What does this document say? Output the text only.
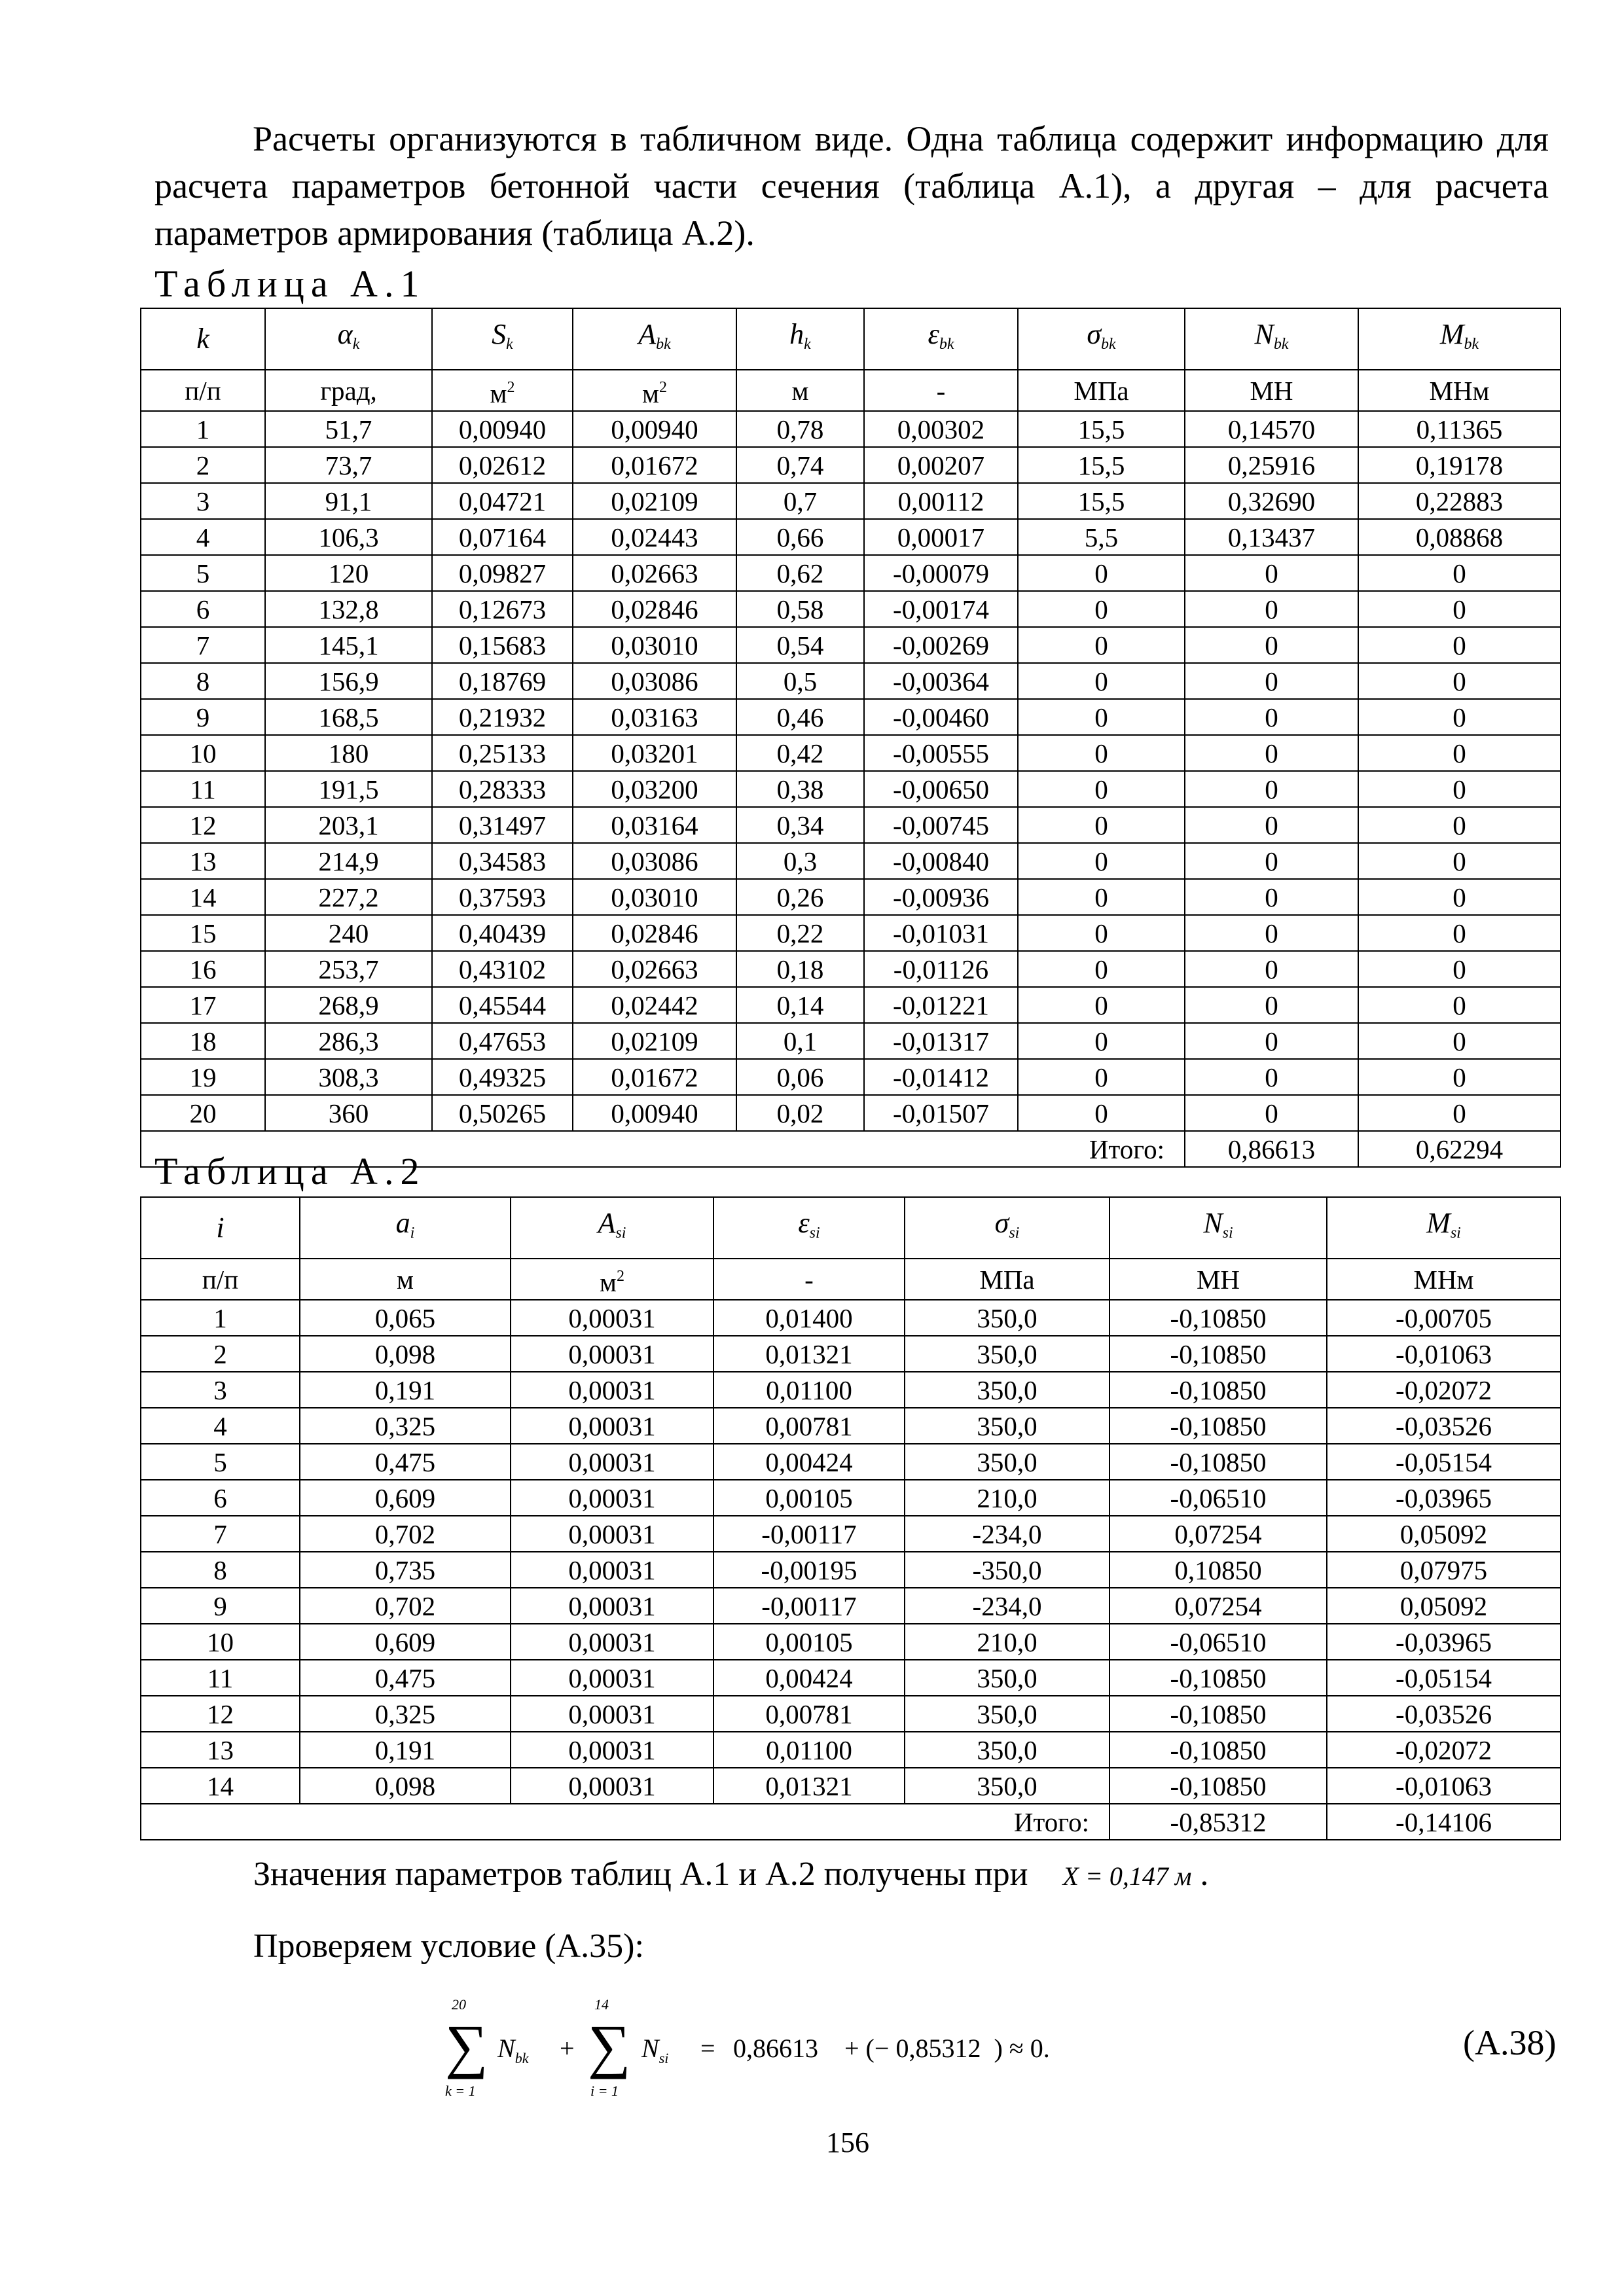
Расчеты организуются в табличном виде. Одна таблица содержит информацию для расчета параметров бетонной части сечения (таблица А.1), а другая – для расчета параметров армирования (таблица А.2).

Таблица А.1
k	$\alpha_k$	$S_k$	$A_{bk}$	$h_k$	$\varepsilon_{bk}$	$\sigma_{bk}$	$N_{bk}$	$M_{bk}$
п/п	град,	$м^2$	$м^2$	м	-	МПа	МН	МНм
1	51,7	0,00940	0,00940	0,78	0,00302	15,5	0,14570	0,11365
2	73,7	0,02612	0,01672	0,74	0,00207	15,5	0,25916	0,19178
3	91,1	0,04721	0,02109	0,7	0,00112	15,5	0,32690	0,22883
4	106,3	0,07164	0,02443	0,66	0,00017	5,5	0,13437	0,08868
5	120	0,09827	0,02663	0,62	-0,00079	0	0	0
6	132,8	0,12673	0,02846	0,58	-0,00174	0	0	0
7	145,1	0,15683	0,03010	0,54	-0,00269	0	0	0
8	156,9	0,18769	0,03086	0,5	-0,00364	0	0	0
9	168,5	0,21932	0,03163	0,46	-0,00460	0	0	0
10	180	0,25133	0,03201	0,42	-0,00555	0	0	0
11	191,5	0,28333	0,03200	0,38	-0,00650	0	0	0
12	203,1	0,31497	0,03164	0,34	-0,00745	0	0	0
13	214,9	0,34583	0,03086	0,3	-0,00840	0	0	0
14	227,2	0,37593	0,03010	0,26	-0,00936	0	0	0
15	240	0,40439	0,02846	0,22	-0,01031	0	0	0
16	253,7	0,43102	0,02663	0,18	-0,01126	0	0	0
17	268,9	0,45544	0,02442	0,14	-0,01221	0	0	0
18	286,3	0,47653	0,02109	0,1	-0,01317	0	0	0
19	308,3	0,49325	0,01672	0,06	-0,01412	0	0	0
20	360	0,50265	0,00940	0,02	-0,01507	0	0	0
Итого:							0,86613	0,62294
Таблица А.2
i	$a_i$	$A_{si}$	$\varepsilon_{si}$	$\sigma_{si}$	$N_{si}$	$M_{si}$
п/п	м	$м^2$	-	МПа	МН	МНм
1	0,065	0,00031	0,01400	350,0	-0,10850	-0,00705
2	0,098	0,00031	0,01321	350,0	-0,10850	-0,01063
3	0,191	0,00031	0,01100	350,0	-0,10850	-0,02072
4	0,325	0,00031	0,00781	350,0	-0,10850	-0,03526
5	0,475	0,00031	0,00424	350,0	-0,10850	-0,05154
6	0,609	0,00031	0,00105	210,0	-0,06510	-0,03965
7	0,702	0,00031	-0,00117	-234,0	0,07254	0,05092
8	0,735	0,00031	-0,00195	-350,0	0,10850	0,07975
9	0,702	0,00031	-0,00117	-234,0	0,07254	0,05092
10	0,609	0,00031	0,00105	210,0	-0,06510	-0,03965
11	0,475	0,00031	0,00424	350,0	-0,10850	-0,05154
12	0,325	0,00031	0,00781	350,0	-0,10850	-0,03526
13	0,191	0,00031	0,01100	350,0	-0,10850	-0,02072
14	0,098	0,00031	0,01321	350,0	-0,10850	-0,01063
Итого:					-0,85312	-0,14106
Значения параметров таблиц А.1 и А.2 получены при X = 0,147 м .
Проверяем условие (А.35):
20
∑
k = 1
$N_{bk}$ +
14
∑
i = 1
$N_{si} = 0,86613$ + (− 0,85312  ) ≈ 0.	(А.38)
156
